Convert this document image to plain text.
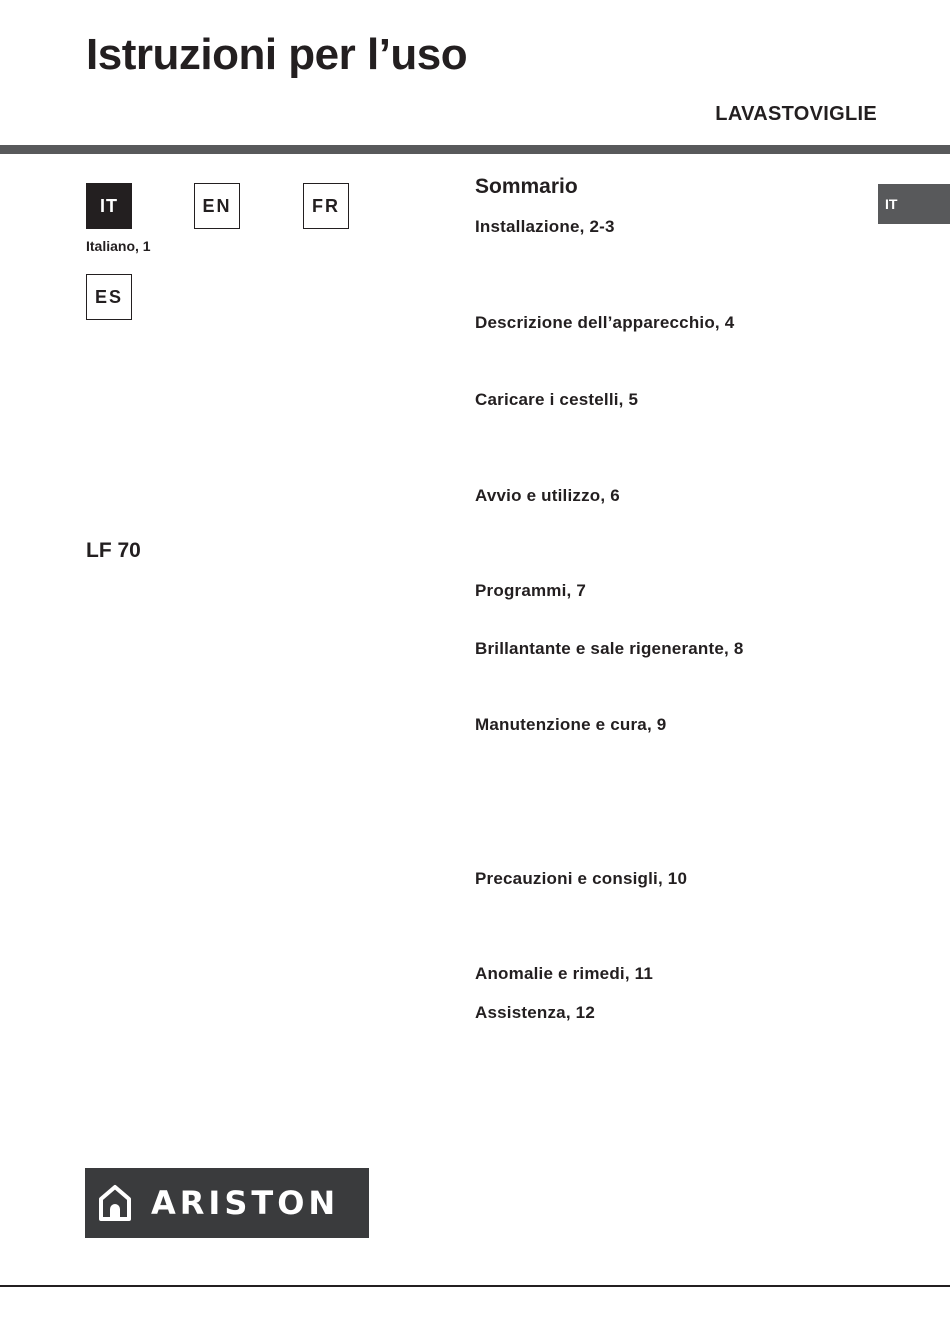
Istruzioni per l’uso
LAVASTOVIGLIE
IT	EN	FR
Italiano, 1
ES
LF 70
Sommario
Installazione, 2-3
Descrizione dell’apparecchio, 4
Caricare i cestelli, 5
Avvio e utilizzo, 6
Programmi, 7
Brillantante e sale rigenerante, 8
Manutenzione e cura, 9
Precauzioni e consigli, 10
Anomalie e rimedi, 11
Assistenza, 12
IT
ARISTON
